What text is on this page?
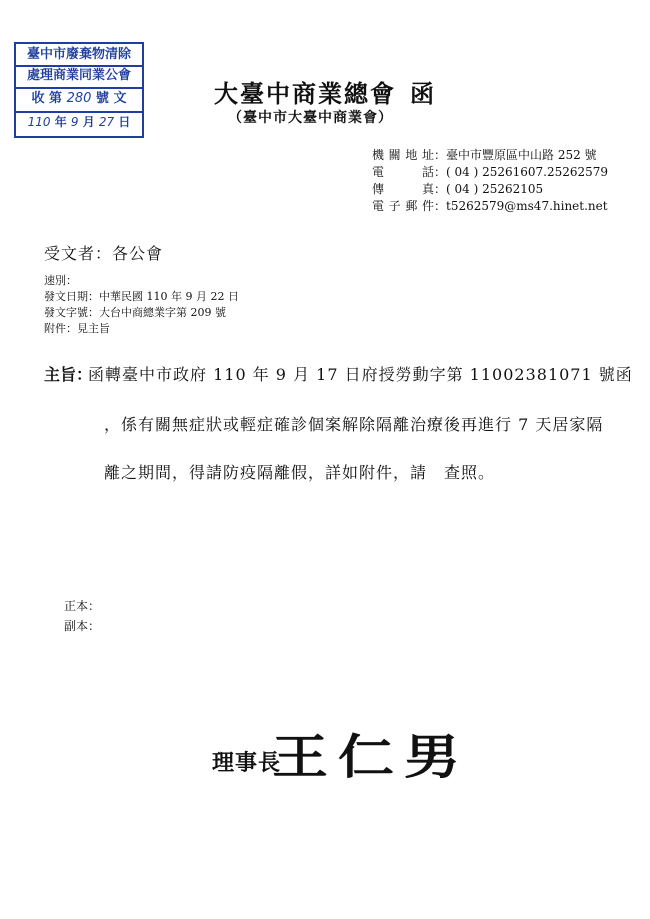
臺中市廢棄物清除
處理商業同業公會
收 第 280 號 文
110 年 9 月 27 日
大臺中商業總會 函
（臺中市大臺中商業會）
機關地址：臺中市豐原區中山路 252 號
電　　話：( 04 ) 25261607.25262579
傳　　真：( 04 ) 25262105
電子郵件：t5262579@ms47.hinet.net
受文者：各公會
速別：
發文日期：中華民國 110 年 9 月 22 日
發文字號：大台中商總業字第 209 號
附件：見主旨
主旨：
函轉臺中市政府 110 年 9 月 17 日府授勞動字第 11002381071 號函
，係有關無症狀或輕症確診個案解除隔離治療後再進行 7 天居家隔
離之期間，得請防疫隔離假，詳如附件，請　查照。
正本：
副本：
理事長
王仁男
